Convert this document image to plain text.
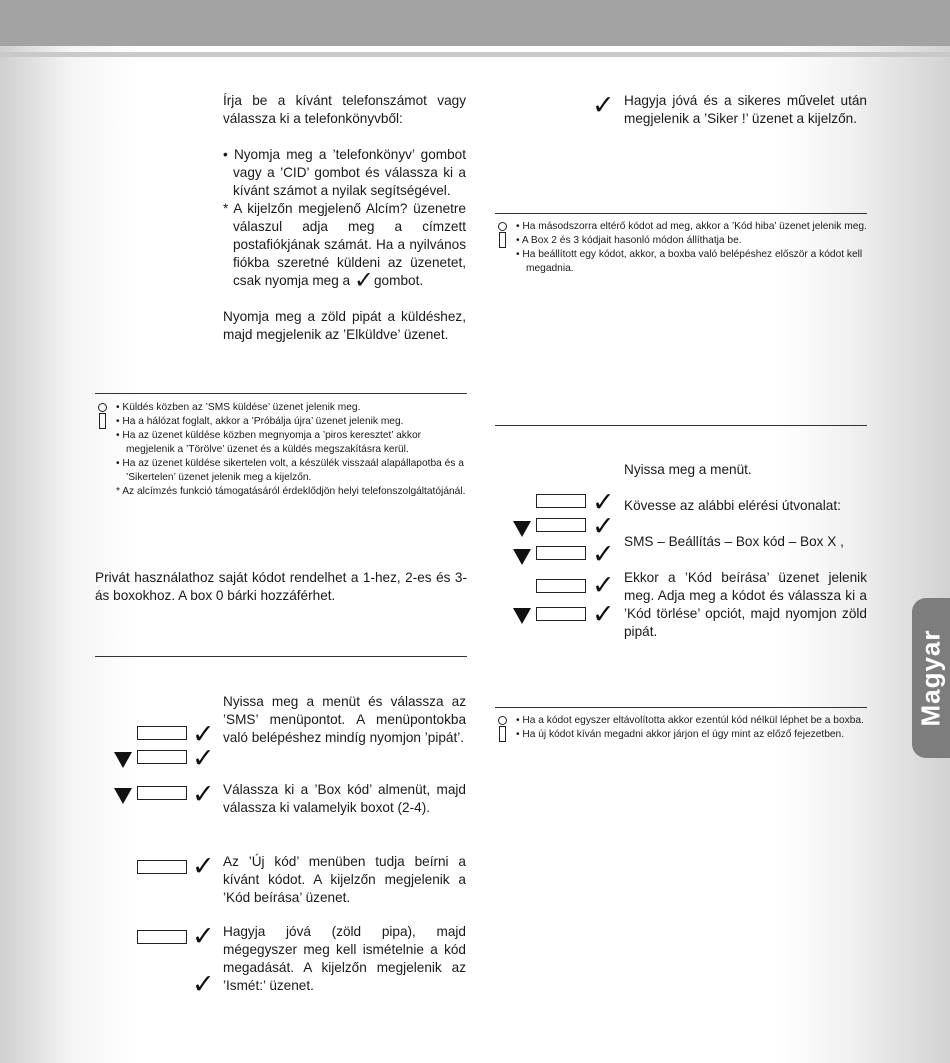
Írja be a kívánt telefonszámot vagy válassza ki a telefonkönyvből:

• Nyomja meg a ’telefonkönyv’ gombot vagy a ’CID’ gombot és válassza ki a kívánt számot a nyilak segítségével.

* A kijelzőn megjelenő Alcím? üzenetre válaszul adja meg a címzett postafiókjának számát. Ha a nyilvános fiókba szeretné küldeni az üzenetet, csak nyomja meg a ✓gombot.

Nyomja meg a zöld pipát a küldéshez, majd megjelenik az ’Elküldve’ üzenet.

• Küldés közben az ’SMS küldése’ üzenet jelenik meg.

• Ha a hálózat foglalt, akkor a ’Próbálja újra’ üzenet jelenik meg.

• Ha az üzenet küldése közben megnyomja a ’piros keresztet’ akkor megjelenik a ’Törölve’ üzenet és a küldés megszakításra kerül.

• Ha az üzenet küldése sikertelen volt, a készülék visszaál alapállapotba és a ’Sikertelen’ üzenet jelenik meg a kijelzőn.

* Az alcímzés funkció támogatásáról érdeklődjön helyi telefonszolgáltatójánál.

Privát használathoz saját kódot rendelhet a 1-hez, 2-es és 3-ás boxokhoz. A box 0 bárki hozzáférhet.

Nyissa meg a menüt és válassza az ’SMS’ menüpontot. A menüpontokba való belépéshez mindíg nyomjon ’pipát’.
Válassza ki a ’Box kód’ almenüt, majd válassza ki valamelyik boxot (2-4).
Az ’Új kód’ menüben tudja beírni a kívánt kódot. A kijelzőn megjelenik a ’Kód beírása’ üzenet.
Hagyja jóvá (zöld pipa), majd mégegyszer meg kell ismételnie a kód megadását. A kijelzőn megjelenik az ’Ismét:’ üzenet.
✓
✓
✓
✓
✓
✓
✓ Hagyja jóvá és a sikeres művelet után megjelenik a ’Siker !’ üzenet a kijelzőn.

• Ha másodszorra eltérő kódot ad meg, akkor a ’Kód hiba’ üzenet jelenik meg.

• A Box 2 és 3 kódjait hasonló módon állíthatja be.

• Ha beállított egy kódot, akkor, a boxba való belépéshez először a kódot kell megadnia.

Nyissa meg a menüt.
Kövesse az alábbi elérési útvonalat:
SMS – Beállítás – Box kód – Box X ,
Ekkor a ’Kód beírása’ üzenet jelenik meg. Adja meg a kódot és válassza ki a ’Kód törlése’ opciót, majd nyomjon zöld pipát.
✓
✓
✓
✓
✓

• Ha a kódot egyszer eltávolította akkor ezentúl kód nélkül léphet be a boxba.

• Ha új kódot kíván megadni akkor járjon el úgy mint az előző fejezetben.

Magyar
